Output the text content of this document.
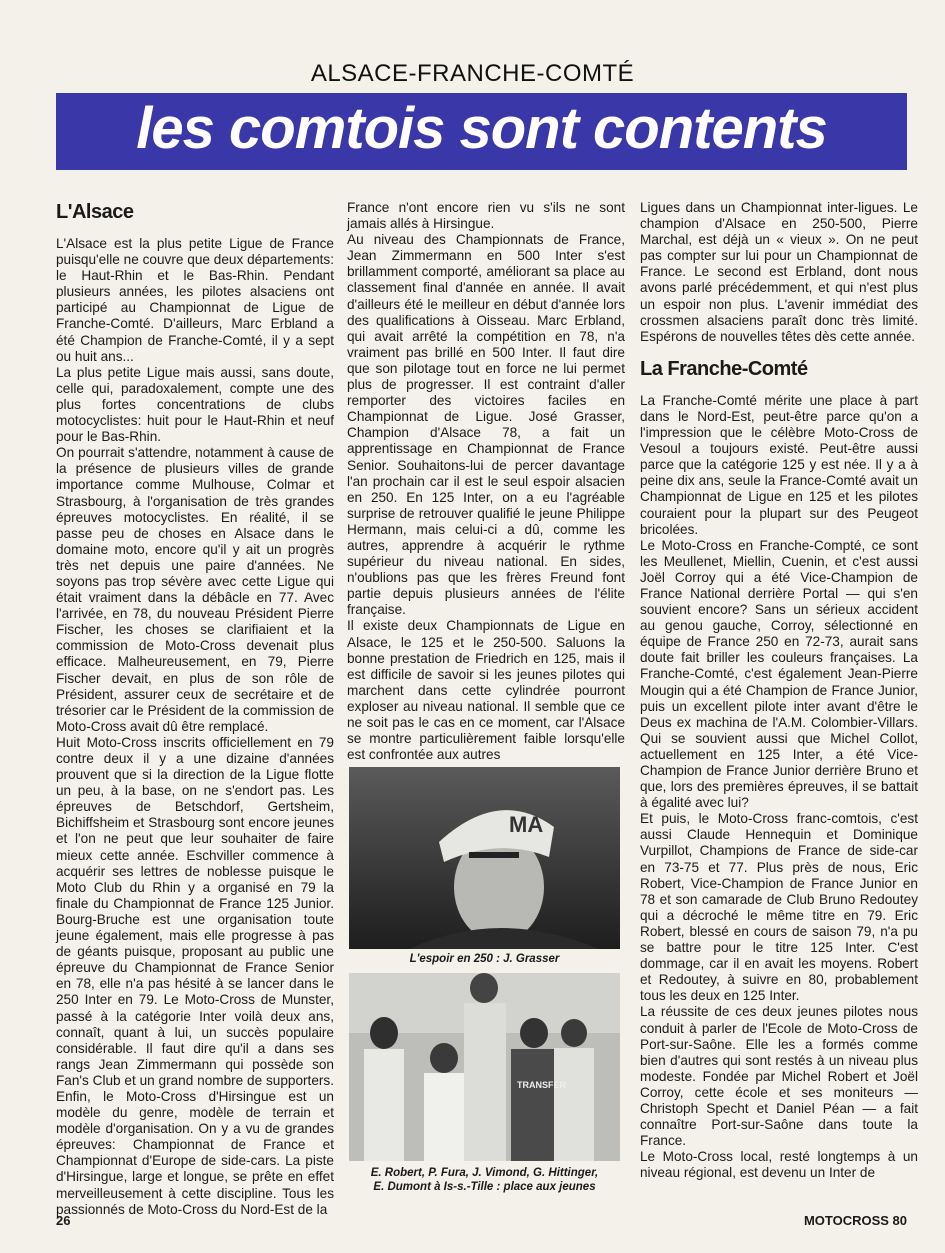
ALSACE-FRANCHE-COMTÉ
les comtois sont contents
L'Alsace

L'Alsace est la plus petite Ligue de France puisqu'elle ne couvre que deux départements: le Haut-Rhin et le Bas-Rhin. Pendant plusieurs années, les pilotes alsaciens ont participé au Championnat de Ligue de Franche-Comté. D'ailleurs, Marc Erbland a été Champion de Franche-Comté, il y a sept ou huit ans...

La plus petite Ligue mais aussi, sans doute, celle qui, paradoxalement, compte une des plus fortes concentrations de clubs motocyclistes: huit pour le Haut-Rhin et neuf pour le Bas-Rhin.

On pourrait s'attendre, notamment à cause de la présence de plusieurs villes de grande importance comme Mulhouse, Colmar et Strasbourg, à l'organisation de très grandes épreuves motocyclistes. En réalité, il se passe peu de choses en Alsace dans le domaine moto, encore qu'il y ait un progrès très net depuis une paire d'années. Ne soyons pas trop sévère avec cette Ligue qui était vraiment dans la débâcle en 77. Avec l'arrivée, en 78, du nouveau Président Pierre Fischer, les choses se clarifiaient et la commission de Moto-Cross devenait plus efficace. Malheureusement, en 79, Pierre Fischer devait, en plus de son rôle de Président, assurer ceux de secrétaire et de trésorier car le Président de la commission de Moto-Cross avait dû être remplacé.

Huit Moto-Cross inscrits officiellement en 79 contre deux il y a une dizaine d'années prouvent que si la direction de la Ligue flotte un peu, à la base, on ne s'endort pas. Les épreuves de Betschdorf, Gertsheim, Bichiffsheim et Strasbourg sont encore jeunes et l'on ne peut que leur souhaiter de faire mieux cette année. Eschviller commence à acquérir ses lettres de noblesse puisque le Moto Club du Rhin y a organisé en 79 la finale du Championnat de France 125 Junior. Bourg-Bruche est une organisation toute jeune également, mais elle progresse à pas de géants puisque, proposant au public une épreuve du Championnat de France Senior en 78, elle n'a pas hésité à se lancer dans le 250 Inter en 79. Le Moto-Cross de Munster, passé à la catégorie Inter voilà deux ans, connaît, quant à lui, un succès populaire considérable. Il faut dire qu'il a dans ses rangs Jean Zimmermann qui possède son Fan's Club et un grand nombre de supporters. Enfin, le Moto-Cross d'Hirsingue est un modèle du genre, modèle de terrain et modèle d'organisation. On y a vu de grandes épreuves: Championnat de France et Championnat d'Europe de side-cars. La piste d'Hirsingue, large et longue, se prête en effet merveilleusement à cette discipline. Tous les passionnés de Moto-Cross du Nord-Est de la

France n'ont encore rien vu s'ils ne sont jamais allés à Hirsingue.

Au niveau des Championnats de France, Jean Zimmermann en 500 Inter s'est brillamment comporté, améliorant sa place au classement final d'année en année. Il avait d'ailleurs été le meilleur en début d'année lors des qualifications à Oisseau. Marc Erbland, qui avait arrêté la compétition en 78, n'a vraiment pas brillé en 500 Inter. Il faut dire que son pilotage tout en force ne lui permet plus de progresser. Il est contraint d'aller remporter des victoires faciles en Championnat de Ligue. José Grasser, Champion d'Alsace 78, a fait un apprentissage en Championnat de France Senior. Souhaitons-lui de percer davantage l'an prochain car il est le seul espoir alsacien en 250. En 125 Inter, on a eu l'agréable surprise de retrouver qualifié le jeune Philippe Hermann, mais celui-ci a dû, comme les autres, apprendre à acquérir le rythme supérieur du niveau national. En sides, n'oublions pas que les frères Freund font partie depuis plusieurs années de l'élite française.

Il existe deux Championnats de Ligue en Alsace, le 125 et le 250-500. Saluons la bonne prestation de Friedrich en 125, mais il est difficile de savoir si les jeunes pilotes qui marchent dans cette cylindrée pourront exploser au niveau national. Il semble que ce ne soit pas le cas en ce moment, car l'Alsace se montre particulièrement faible lorsqu'elle est confrontée aux autres

MA
L'espoir en 250 : J. Grasser
TRANSFER
E. Robert, P. Fura, J. Vimond, G. Hittinger,
E. Dumont à Is-s.-Tille : place aux jeunes

Ligues dans un Championnat inter-ligues. Le champion d'Alsace en 250-500, Pierre Marchal, est déjà un « vieux ». On ne peut pas compter sur lui pour un Championnat de France. Le second est Erbland, dont nous avons parlé précédemment, et qui n'est plus un espoir non plus. L'avenir immédiat des crossmen alsaciens paraît donc très limité. Espérons de nouvelles têtes dès cette année.

La Franche-Comté

La Franche-Comté mérite une place à part dans le Nord-Est, peut-être parce qu'on a l'impression que le célèbre Moto-Cross de Vesoul a toujours existé. Peut-être aussi parce que la catégorie 125 y est née. Il y a à peine dix ans, seule la France-Comté avait un Championnat de Ligue en 125 et les pilotes couraient pour la plupart sur des Peugeot bricolées.

Le Moto-Cross en Franche-Compté, ce sont les Meullenet, Miellin, Cuenin, et c'est aussi Joël Corroy qui a été Vice-Champion de France National derrière Portal — qui s'en souvient encore? Sans un sérieux accident au genou gauche, Corroy, sélectionné en équipe de France 250 en 72-73, aurait sans doute fait briller les couleurs françaises. La Franche-Comté, c'est également Jean-Pierre Mougin qui a été Champion de France Junior, puis un excellent pilote inter avant d'être le Deus ex machina de l'A.M. Colombier-Villars. Qui se souvient aussi que Michel Collot, actuellement en 125 Inter, a été Vice-Champion de France Junior derrière Bruno et que, lors des premières épreuves, il se battait à égalité avec lui?

Et puis, le Moto-Cross franc-comtois, c'est aussi Claude Hennequin et Dominique Vurpillot, Champions de France de side-car en 73-75 et 77. Plus près de nous, Eric Robert, Vice-Champion de France Junior en 78 et son camarade de Club Bruno Redoutey qui a décroché le même titre en 79. Eric Robert, blessé en cours de saison 79, n'a pu se battre pour le titre 125 Inter. C'est dommage, car il en avait les moyens. Robert et Redoutey, à suivre en 80, probablement tous les deux en 125 Inter.

La réussite de ces deux jeunes pilotes nous conduit à parler de l'Ecole de Moto-Cross de Port-sur-Saône. Elle les a formés comme bien d'autres qui sont restés à un niveau plus modeste. Fondée par Michel Robert et Joël Corroy, cette école et ses moniteurs — Christoph Specht et Daniel Péan — a fait connaître Port-sur-Saône dans toute la France.

Le Moto-Cross local, resté longtemps à un niveau régional, est devenu un Inter de

26	MOTOCROSS 80
